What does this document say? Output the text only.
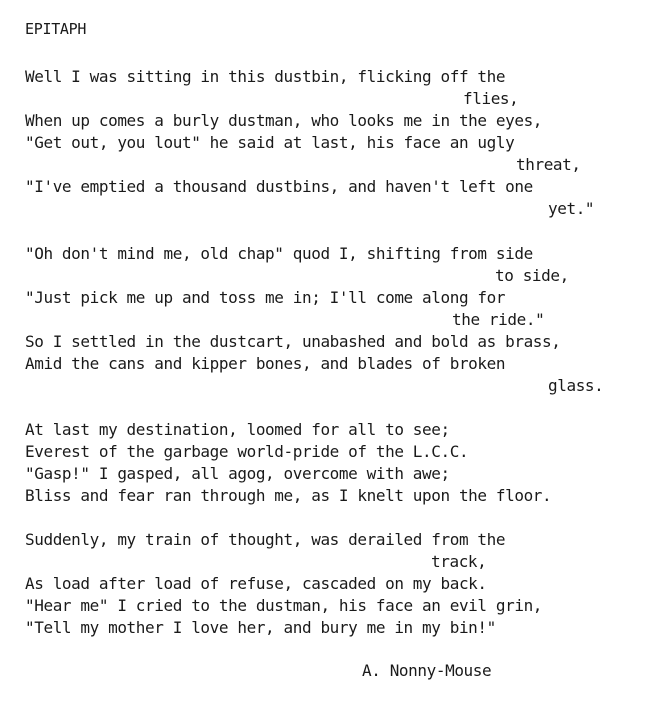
EPITAPH
Well I was sitting in this dustbin, flicking off the
flies,
When up comes a burly dustman, who looks me in the eyes,
"Get out, you lout" he said at last, his face an ugly
threat,
"I've emptied a thousand dustbins, and haven't left one
yet."
"Oh don't mind me, old chap" quod I, shifting from side
to side,
"Just pick me up and toss me in; I'll come along for
the ride."
So I settled in the dustcart, unabashed and bold as brass,
Amid the cans and kipper bones, and blades of broken
glass.
At last my destination, loomed for all to see;
Everest of the garbage world-pride of the L.C.C.
"Gasp!" I gasped, all agog, overcome with awe;
Bliss and fear ran through me, as I knelt upon the floor.
Suddenly, my train of thought, was derailed from the
track,
As load after load of refuse, cascaded on my back.
"Hear me" I cried to the dustman, his face an evil grin,
"Tell my mother I love her, and bury me in my bin!"
A. Nonny-Mouse
